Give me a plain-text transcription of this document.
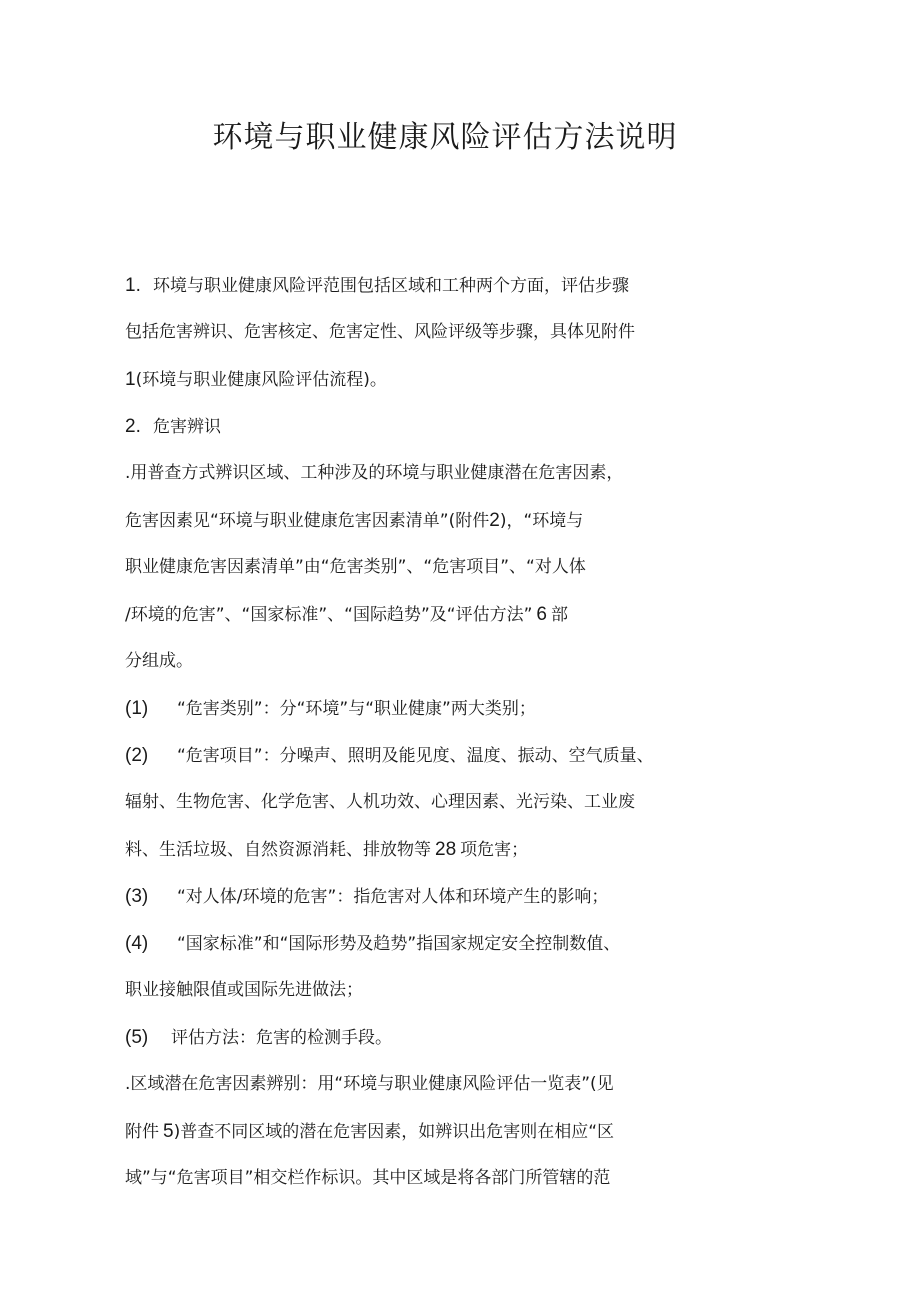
环境与职业健康风险评估方法说明
1. 环境与职业健康风险评范围包括区域和工种两个方面，评估步骤
包括危害辨识、危害核定、危害定性、风险评级等步骤，具体见附件
1(环境与职业健康风险评估流程)。
2. 危害辨识
.用普查方式辨识区域、工种涉及的环境与职业健康潜在危害因素，
危害因素见“环境与职业健康危害因素清单”(附件2)，“环境与
职业健康危害因素清单”由“危害类别”、“危害项目”、“对人体
/环境的危害”、“国家标准”、“国际趋势”及“评估方法” 6 部
分组成。
(1) “危害类别”：分“环境”与“职业健康”两大类别；
(2) “危害项目”：分噪声、照明及能见度、温度、振动、空气质量、
辐射、生物危害、化学危害、人机功效、心理因素、光污染、工业废
料、生活垃圾、自然资源消耗、排放物等 28 项危害；
(3) “对人体/环境的危害”：指危害对人体和环境产生的影响；
(4) “国家标准”和“国际形势及趋势”指国家规定安全控制数值、
职业接触限值或国际先进做法；
(5) 评估方法：危害的检测手段。
.区域潜在危害因素辨别：用“环境与职业健康风险评估一览表”(见
附件 5)普查不同区域的潜在危害因素，如辨识出危害则在相应“区
域”与“危害项目”相交栏作标识。其中区域是将各部门所管辖的范
